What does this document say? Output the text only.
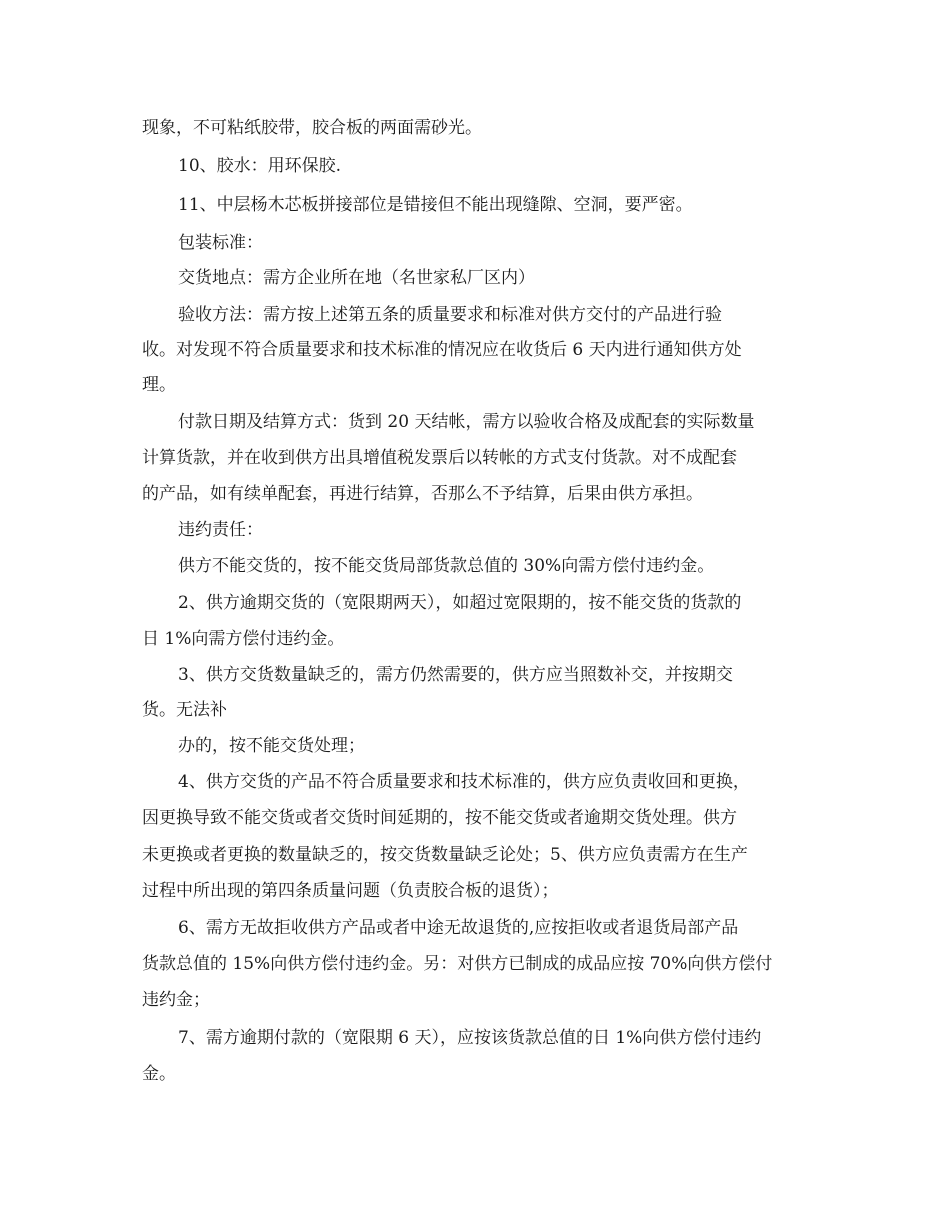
现象，不可粘纸胶带，胶合板的两面需砂光。
10、胶水：用环保胶.
11、中层杨木芯板拼接部位是错接但不能出现缝隙、空洞，要严密。
包装标准：
交货地点：需方企业所在地（名世家私厂区内）
验收方法：需方按上述第五条的质量要求和标准对供方交付的产品进行验
收。对发现不符合质量要求和技术标准的情况应在收货后 6 天内进行通知供方处
理。
付款日期及结算方式：货到 20 天结帐，需方以验收合格及成配套的实际数量
计算货款，并在收到供方出具增值税发票后以转帐的方式支付货款。对不成配套
的产品，如有续单配套，再进行结算，否那么不予结算，后果由供方承担。
违约责任：
供方不能交货的，按不能交货局部货款总值的 30%向需方偿付违约金。
2、供方逾期交货的（宽限期两天），如超过宽限期的，按不能交货的货款的
日 1%向需方偿付违约金。
3、供方交货数量缺乏的，需方仍然需要的，供方应当照数补交，并按期交
货。无法补
办的，按不能交货处理；
4、供方交货的产品不符合质量要求和技术标准的，供方应负责收回和更换，
因更换导致不能交货或者交货时间延期的，按不能交货或者逾期交货处理。供方
未更换或者更换的数量缺乏的，按交货数量缺乏论处；5、供方应负责需方在生产
过程中所出现的第四条质量问题（负责胶合板的退货）；
6、需方无故拒收供方产品或者中途无故退货的,应按拒收或者退货局部产品
货款总值的 15%向供方偿付违约金。另：对供方已制成的成品应按 70%向供方偿付
违约金；
7、需方逾期付款的（宽限期 6 天），应按该货款总值的日 1%向供方偿付违约
金。
